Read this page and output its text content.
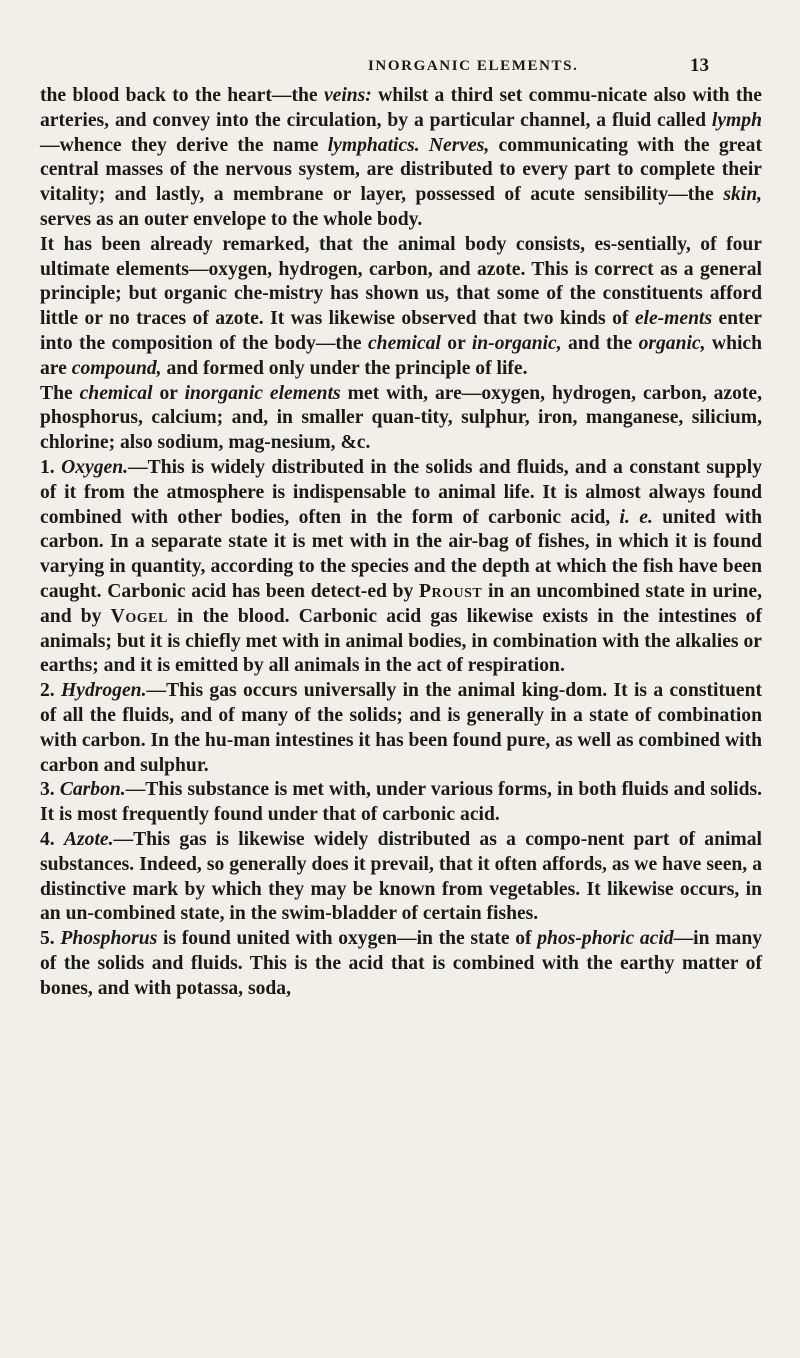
INORGANIC ELEMENTS.	13

the blood back to the heart—the veins: whilst a third set commu-nicate also with the arteries, and convey into the circulation, by a particular channel, a fluid called lymph—whence they derive the name lymphatics. Nerves, communicating with the great central masses of the nervous system, are distributed to every part to complete their vitality; and lastly, a membrane or layer, possessed of acute sensibility—the skin, serves as an outer envelope to the whole body.

It has been already remarked, that the animal body consists, es-sentially, of four ultimate elements—oxygen, hydrogen, carbon, and azote. This is correct as a general principle; but organic che-mistry has shown us, that some of the constituents afford little or no traces of azote. It was likewise observed that two kinds of ele-ments enter into the composition of the body—the chemical or in-organic, and the organic, which are compound, and formed only under the principle of life.

The chemical or inorganic elements met with, are—oxygen, hydrogen, carbon, azote, phosphorus, calcium; and, in smaller quan-tity, sulphur, iron, manganese, silicium, chlorine; also sodium, mag-nesium, &c.

1. Oxygen.—This is widely distributed in the solids and fluids, and a constant supply of it from the atmosphere is indispensable to animal life. It is almost always found combined with other bodies, often in the form of carbonic acid, i. e. united with carbon. In a separate state it is met with in the air-bag of fishes, in which it is found varying in quantity, according to the species and the depth at which the fish have been caught. Carbonic acid has been detect-ed by Proust in an uncombined state in urine, and by Vogel in the blood. Carbonic acid gas likewise exists in the intestines of animals; but it is chiefly met with in animal bodies, in combination with the alkalies or earths; and it is emitted by all animals in the act of respiration.

2. Hydrogen.—This gas occurs universally in the animal king-dom. It is a constituent of all the fluids, and of many of the solids; and is generally in a state of combination with carbon. In the hu-man intestines it has been found pure, as well as combined with carbon and sulphur.

3. Carbon.—This substance is met with, under various forms, in both fluids and solids. It is most frequently found under that of carbonic acid.

4. Azote.—This gas is likewise widely distributed as a compo-nent part of animal substances. Indeed, so generally does it prevail, that it often affords, as we have seen, a distinctive mark by which they may be known from vegetables. It likewise occurs, in an un-combined state, in the swim-bladder of certain fishes.

5. Phosphorus is found united with oxygen—in the state of phos-phoric acid—in many of the solids and fluids. This is the acid that is combined with the earthy matter of bones, and with potassa, soda,
